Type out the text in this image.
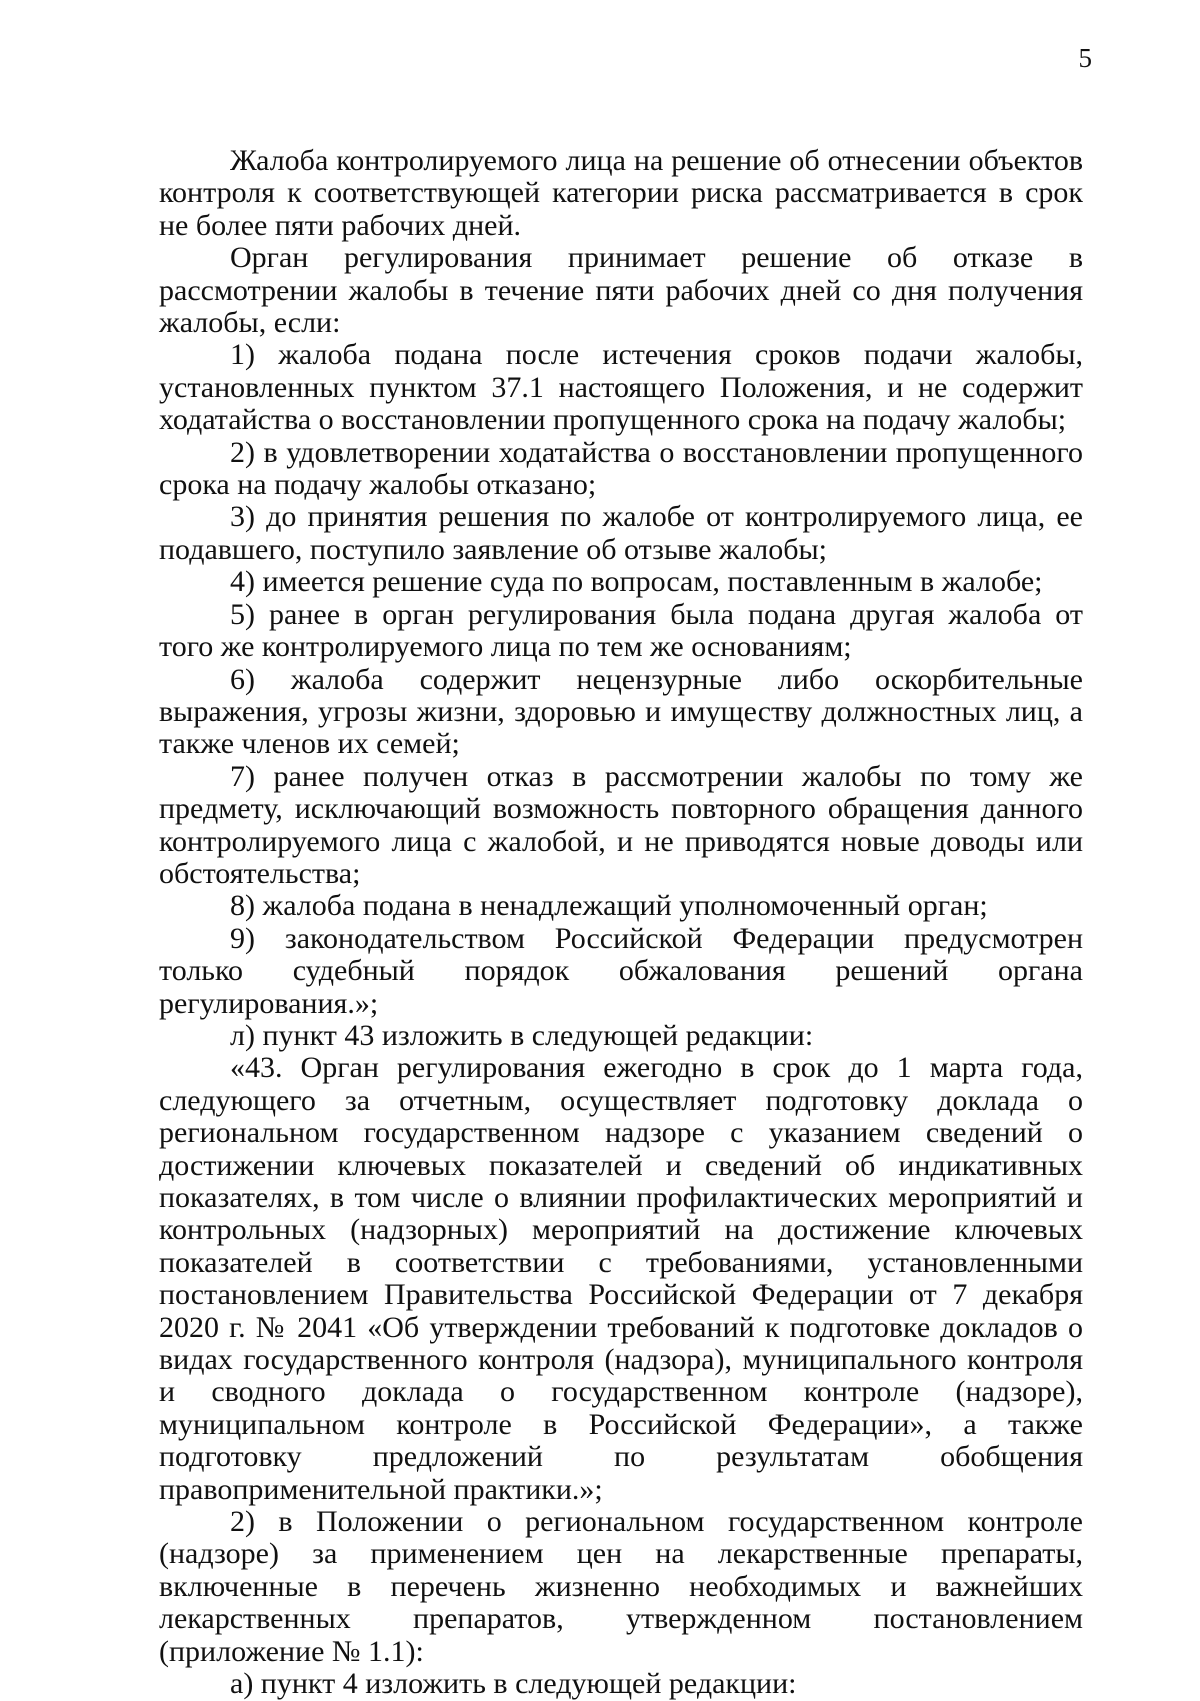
5

Жалоба контролируемого лица на решение об отнесении объектов контроля к соответствующей категории риска рассматривается в срок не более пяти рабочих дней.

Орган регулирования принимает решение об отказе в рассмотрении жалобы в течение пяти рабочих дней со дня получения жалобы, если:

1) жалоба подана после истечения сроков подачи жалобы, установленных пунктом 37.1 настоящего Положения, и не содержит ходатайства о восстановлении пропущенного срока на подачу жалобы;

2) в удовлетворении ходатайства о восстановлении пропущенного срока на подачу жалобы отказано;

3) до принятия решения по жалобе от контролируемого лица, ее подавшего, поступило заявление об отзыве жалобы;

4) имеется решение суда по вопросам, поставленным в жалобе;

5) ранее в орган регулирования была подана другая жалоба от того же контролируемого лица по тем же основаниям;

6) жалоба содержит нецензурные либо оскорбительные выражения, угрозы жизни, здоровью и имуществу должностных лиц, а также членов их семей;

7) ранее получен отказ в рассмотрении жалобы по тому же предмету, исключающий возможность повторного обращения данного контролируемого лица с жалобой, и не приводятся новые доводы или обстоятельства;

8) жалоба подана в ненадлежащий уполномоченный орган;

9) законодательством Российской Федерации предусмотрен только судебный порядок обжалования решений органа регулирования.»;

л) пункт 43 изложить в следующей редакции:

«43. Орган регулирования ежегодно в срок до 1 марта года, следующего за отчетным, осуществляет подготовку доклада о региональном государственном надзоре с указанием сведений о достижении ключевых показателей и сведений об индикативных показателях, в том числе о влиянии профилактических мероприятий и контрольных (надзорных) мероприятий на достижение ключевых показателей в соответствии с требованиями, установленными постановлением Правительства Российской Федерации от 7 декабря 2020 г. № 2041 «Об утверждении требований к подготовке докладов о видах государственного контроля (надзора), муниципального контроля и сводного доклада о государственном контроле (надзоре), муниципальном контроле в Российской Федерации», а также подготовку предложений по результатам обобщения правоприменительной практики.»;

2) в Положении о региональном государственном контроле (надзоре) за применением цен на лекарственные препараты, включенные в перечень жизненно необходимых и важнейших лекарственных препаратов, утвержденном постановлением (приложение № 1.1):

а) пункт 4 изложить в следующей редакции:
